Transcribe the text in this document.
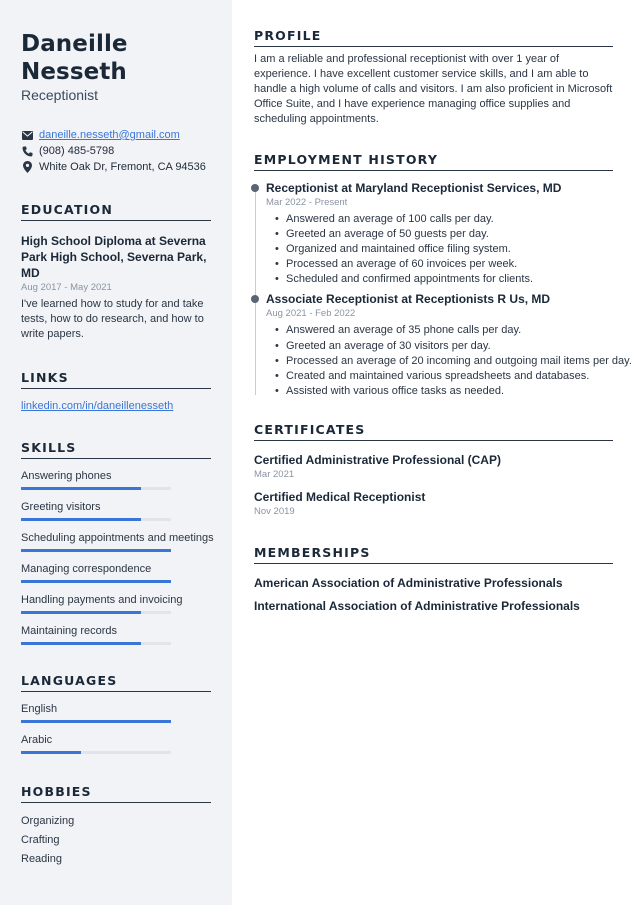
Daneille Nesseth
Receptionist
daneille.nesseth@gmail.com
(908) 485-5798
White Oak Dr, Fremont, CA 94536
EDUCATION
High School Diploma at Severna Park High School, Severna Park, MD
Aug 2017 - May 2021
I've learned how to study for and take tests, how to do research, and how to write papers.
LINKS
linkedin.com/in/daneillenesseth
SKILLS
Answering phones
Greeting visitors
Scheduling appointments and meetings
Managing correspondence
Handling payments and invoicing
Maintaining records
LANGUAGES
English
Arabic
HOBBIES
Organizing
Crafting
Reading
PROFILE
I am a reliable and professional receptionist with over 1 year of experience. I have excellent customer service skills, and I am able to handle a high volume of calls and visitors. I am also proficient in Microsoft Office Suite, and I have experience managing office supplies and scheduling appointments.
EMPLOYMENT HISTORY
Receptionist at Maryland Receptionist Services, MD
Mar 2022 - Present
• Answered an average of 100 calls per day.
• Greeted an average of 50 guests per day.
• Organized and maintained office filing system.
• Processed an average of 60 invoices per week.
• Scheduled and confirmed appointments for clients.
Associate Receptionist at Receptionists R Us, MD
Aug 2021 - Feb 2022
• Answered an average of 35 phone calls per day.
• Greeted an average of 30 visitors per day.
• Processed an average of 20 incoming and outgoing mail items per day.
• Created and maintained various spreadsheets and databases.
• Assisted with various office tasks as needed.
CERTIFICATES
Certified Administrative Professional (CAP)
Mar 2021
Certified Medical Receptionist
Nov 2019
MEMBERSHIPS
American Association of Administrative Professionals
International Association of Administrative Professionals
